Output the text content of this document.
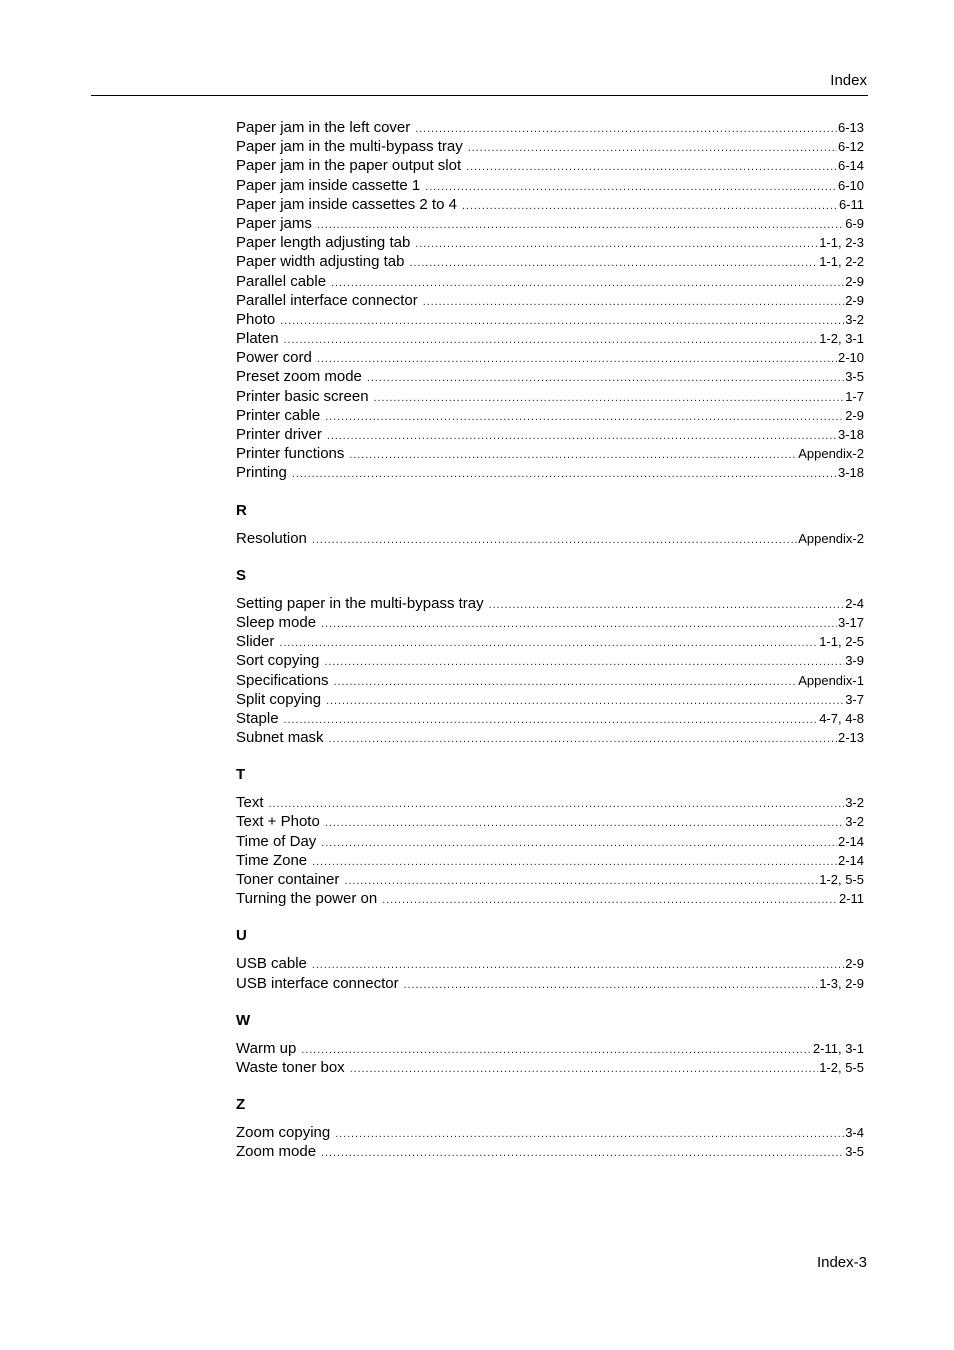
Index
Paper jam in the left cover .....	6-13
Paper jam in the multi-bypass tray .....	6-12
Paper jam in the paper output slot .....	6-14
Paper jam inside cassette 1 .....	6-10
Paper jam inside cassettes 2 to 4 .....	6-11
Paper jams .....	6-9
Paper length adjusting tab .....	1-1, 2-3
Paper width adjusting tab .....	1-1, 2-2
Parallel cable .....	2-9
Parallel interface connector .....	2-9
Photo .....	3-2
Platen .....	1-2, 3-1
Power cord .....	2-10
Preset zoom mode .....	3-5
Printer basic screen .....	1-7
Printer cable .....	2-9
Printer driver .....	3-18
Printer functions .....	Appendix-2
Printing .....	3-18
R
Resolution .....	Appendix-2
S
Setting paper in the multi-bypass tray .....	2-4
Sleep mode .....	3-17
Slider .....	1-1, 2-5
Sort copying .....	3-9
Specifications .....	Appendix-1
Split copying .....	3-7
Staple .....	4-7, 4-8
Subnet mask .....	2-13
T
Text .....	3-2
Text + Photo .....	3-2
Time of Day .....	2-14
Time Zone .....	2-14
Toner container .....	1-2, 5-5
Turning the power on .....	2-11
U
USB cable .....	2-9
USB interface connector .....	1-3, 2-9
W
Warm up .....	2-11, 3-1
Waste toner box .....	1-2, 5-5
Z
Zoom copying .....	3-4
Zoom mode .....	3-5
Index-3
